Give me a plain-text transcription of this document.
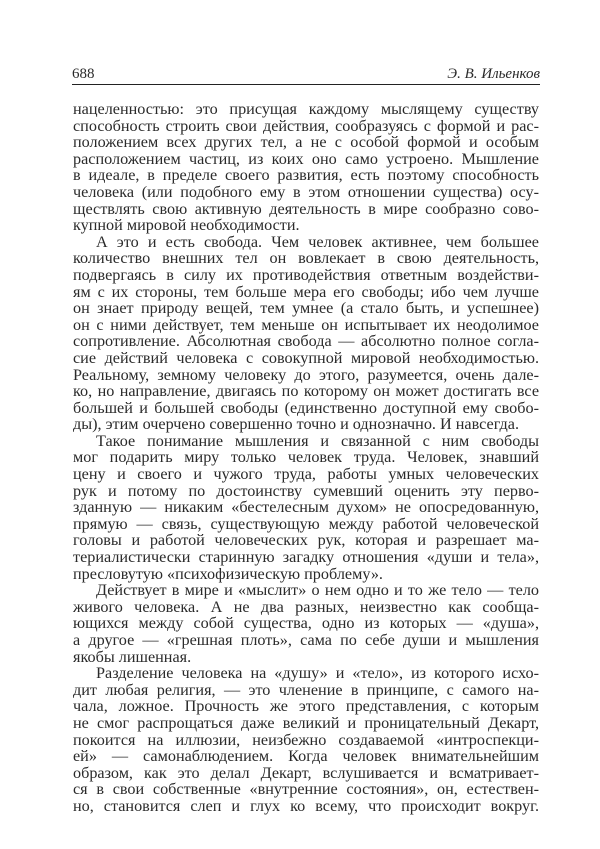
688	Э. В. Ильенков
нацеленностью: это присущая каждому мыслящему существу
способность строить свои действия, сообразуясь с формой и рас-
положением всех других тел, а не с особой формой и особым
расположением частиц, из коих оно само устроено. Мышление
в идеале, в пределе своего развития, есть поэтому способность
человека (или подобного ему в этом отношении существа) осу-
ществлять свою активную деятельность в мире сообразно сово-
купной мировой необходимости.
А это и есть свобода. Чем человек активнее, чем большее
количество внешних тел он вовлекает в свою деятельность,
подвергаясь в силу их противодействия ответным воздействи-
ям с их стороны, тем больше мера его свободы; ибо чем лучше
он знает природу вещей, тем умнее (а стало быть, и успешнее)
он с ними действует, тем меньше он испытывает их неодолимое
сопротивление. Абсолютная свобода — абсолютно полное согла-
сие действий человека с совокупной мировой необходимостью.
Реальному, земному человеку до этого, разумеется, очень дале-
ко, но направление, двигаясь по которому он может достигать все
большей и большей свободы (единственно доступной ему свобо-
ды), этим очерчено совершенно точно и однозначно. И навсегда.
Такое понимание мышления и связанной с ним свободы
мог подарить миру только человек труда. Человек, знавший
цену и своего и чужого труда, работы умных человеческих
рук и потому по достоинству сумевший оценить эту перво-
зданную — никаким «бестелесным духом» не опосредованную,
прямую — связь, существующую между работой человеческой
головы и работой человеческих рук, которая и разрешает ма-
териалистически старинную загадку отношения «души и тела»,
пресловутую «психофизическую проблему».
Действует в мире и «мыслит» о нем одно и то же тело — тело
живого человека. А не два разных, неизвестно как сообща-
ющихся между собой существа, одно из которых — «душа»,
а другое — «грешная плоть», сама по себе души и мышления
якобы лишенная.
Разделение человека на «душу» и «тело», из которого исхо-
дит любая религия, — это членение в принципе, с самого на-
чала, ложное. Прочность же этого представления, с которым
не смог распрощаться даже великий и проницательный Декарт,
покоится на иллюзии, неизбежно создаваемой «интроспекци-
ей» — самонаблюдением. Когда человек внимательнейшим
образом, как это делал Декарт, вслушивается и всматривает-
ся в свои собственные «внутренние состояния», он, естествен-
но, становится слеп и глух ко всему, что происходит вокруг.
